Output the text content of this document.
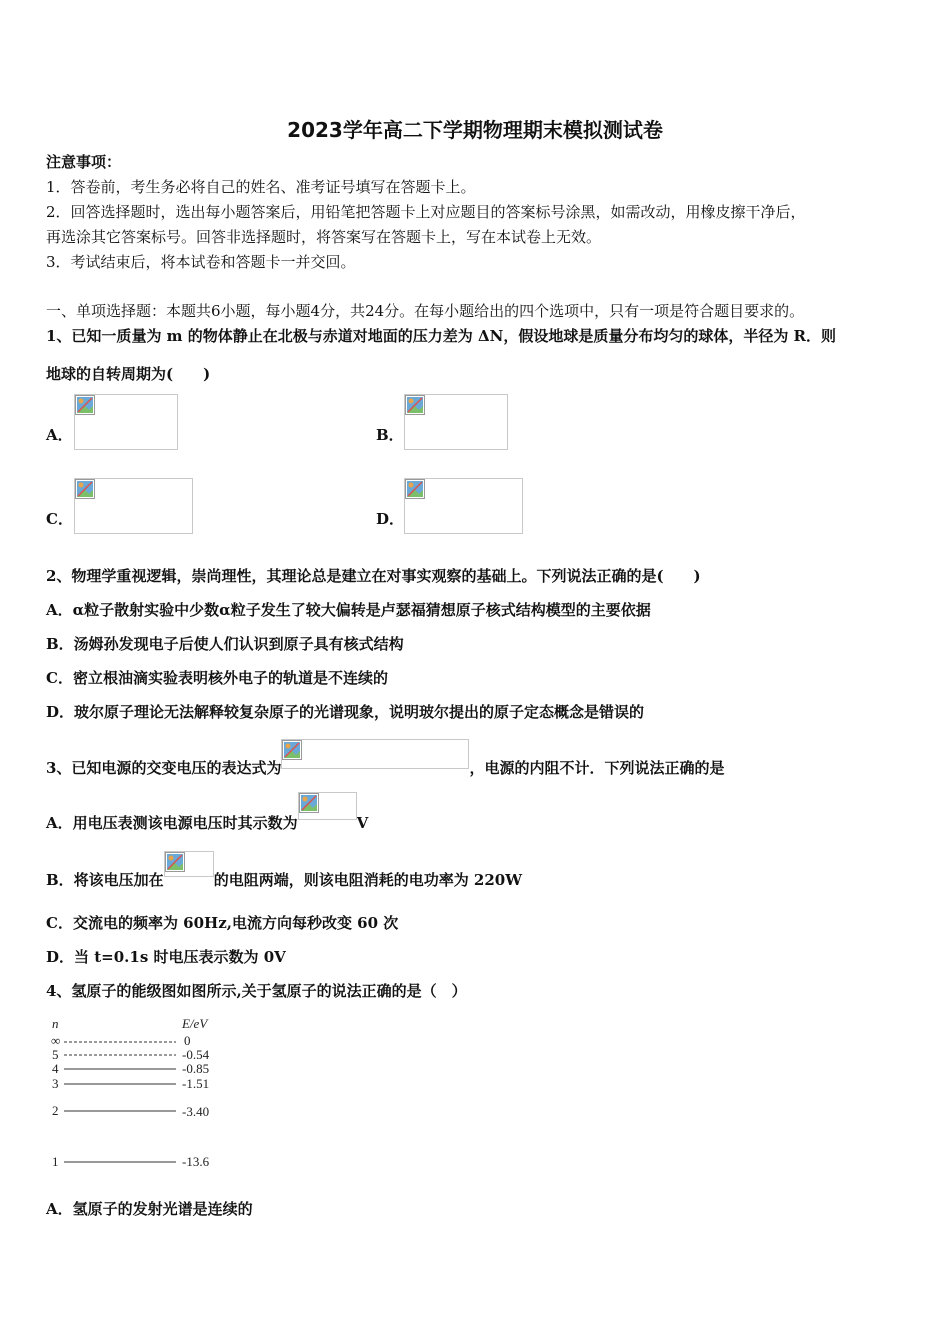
2023学年高二下学期物理期末模拟测试卷
注意事项：
1．答卷前，考生务必将自己的姓名、准考证号填写在答题卡上。
2．回答选择题时，选出每小题答案后，用铅笔把答题卡上对应题目的答案标号涂黑，如需改动，用橡皮擦干净后，
再选涂其它答案标号。回答非选择题时，将答案写在答题卡上，写在本试卷上无效。
3．考试结束后，将本试卷和答题卡一并交回。
一、单项选择题：本题共6小题，每小题4分，共24分。在每小题给出的四个选项中，只有一项是符合题目要求的。
1、已知一质量为 m 的物体静止在北极与赤道对地面的压力差为 ΔN，假设地球是质量分布均匀的球体，半径为 R．则
地球的自转周期为(　　)
A．	B．
C．	D．
2、物理学重视逻辑，崇尚理性，其理论总是建立在对事实观察的基础上。下列说法正确的是(　　)
A．α粒子散射实验中少数α粒子发生了较大偏转是卢瑟福猜想原子核式结构模型的主要依据
B．汤姆孙发现电子后使人们认识到原子具有核式结构
C．密立根油滴实验表明核外电子的轨道是不连续的
D．玻尔原子理论无法解释较复杂原子的光谱现象，说明玻尔提出的原子定态概念是错误的
3、已知电源的交变电压的表达式为	，电源的内阻不计．下列说法正确的是
A．用电压表测该电源电压时其示数为	V
B．将该电压加在	的电阻两端，则该电阻消耗的电功率为 220W
C．交流电的频率为 60Hz,电流方向每秒改变 60 次
D．当 t=0.1s 时电压表示数为 0V
4、氢原子的能级图如图所示,关于氢原子的说法正确的是（　）
n	E/eV
∞	0
5	-0.54
4	-0.85
3	-1.51
2	-3.40
1	-13.6
A．氢原子的发射光谱是连续的
